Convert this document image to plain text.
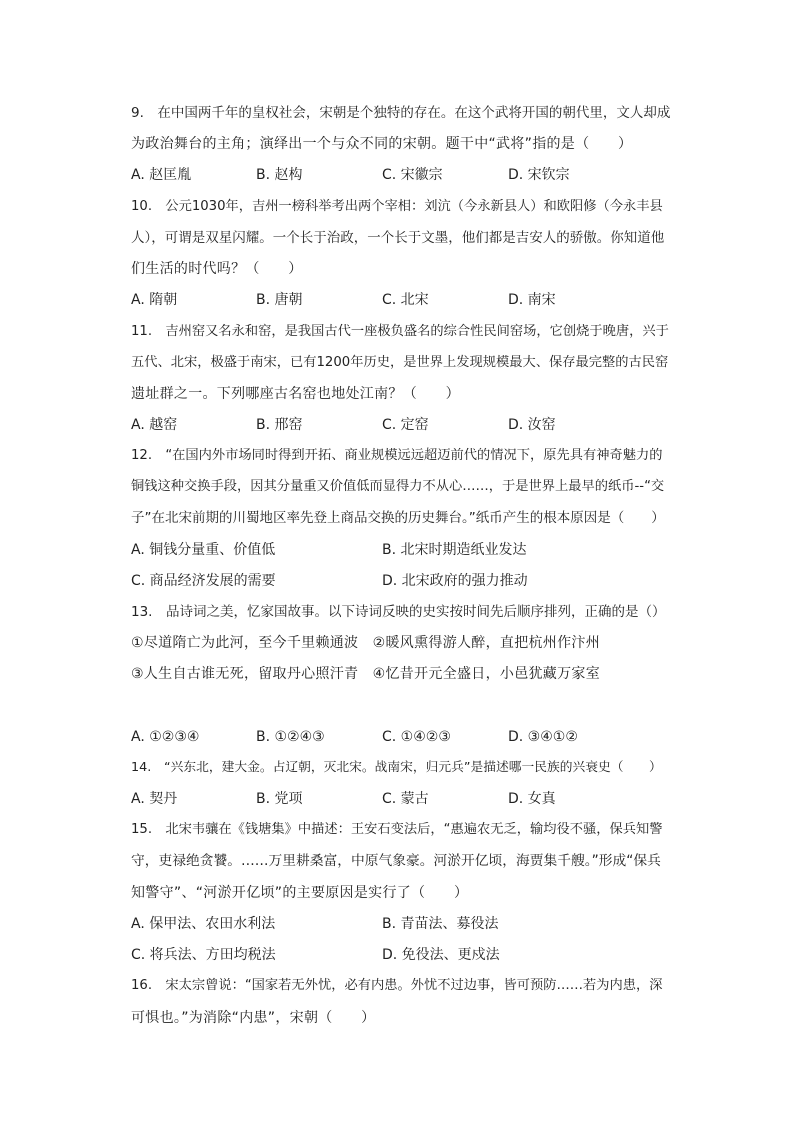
9.　在中国两千年的皇权社会，宋朝是个独特的存在。在这个武将开国的朝代里，文人却成
为政治舞台的主角；演绎出一个与众不同的宋朝。题干中“武将”指的是（　　）
A. 赵匡胤	B. 赵构	C. 宋徽宗	D. 宋钦宗
10.　公元1030年，吉州一榜科举考出两个宰相：刘沆（今永新县人）和欧阳修（今永丰县
人），可谓是双星闪耀。一个长于治政，一个长于文墨，他们都是吉安人的骄傲。你知道他
们生活的时代吗？（　　）
A. 隋朝	B. 唐朝	C. 北宋	D. 南宋
11.　吉州窑又名永和窑，是我国古代一座极负盛名的综合性民间窑场，它创烧于晚唐，兴于
五代、北宋，极盛于南宋，已有1200年历史，是世界上发现规模最大、保存最完整的古民窑
遗址群之一。下列哪座古名窑也地处江南？（　　）
A. 越窑	B. 邢窑	C. 定窑	D. 汝窑
12.　“在国内外市场同时得到开拓、商业规模远远超迈前代的情况下，原先具有神奇魅力的
铜钱这种交换手段，因其分量重又价值低而显得力不从心……，于是世界上最早的纸币--“交
子”在北宋前期的川蜀地区率先登上商品交换的历史舞台。”纸币产生的根本原因是（　　）
A. 铜钱分量重、价值低	B. 北宋时期造纸业发达
C. 商品经济发展的需要	D. 北宋政府的强力推动
13.　品诗词之美，忆家国故事。以下诗词反映的史实按时间先后顺序排列，正确的是（）
①尽道隋亡为此河，至今千里赖通波　②暖风熏得游人醉，直把杭州作汴州
③人生自古谁无死，留取丹心照汗青　④忆昔开元全盛日，小邑犹藏万家室
A. ①②③④	B. ①②④③	C. ①④②③	D. ③④①②
14.　“兴东北，建大金。占辽朝，灭北宋。战南宋，归元兵”是描述哪一民族的兴衰史（　　）
A. 契丹	B. 党项	C. 蒙古	D. 女真
15.　北宋韦骧在《钱塘集》中描述：王安石变法后，“惠遍农无乏，输均役不骚，保兵知警
守，吏禄绝贪饕。……万里耕桑富，中原气象豪。河淤开亿顷，海贾集千艘。”形成“保兵
知警守”、“河淤开亿顷”的主要原因是实行了（　　）
A. 保甲法、农田水利法	B. 青苗法、募役法
C. 将兵法、方田均税法	D. 免役法、更戍法
16.　宋太宗曾说：“国家若无外忧，必有内患。外忧不过边事，皆可预防……若为内患，深
可惧也。”为消除“内患”，宋朝（　　）
